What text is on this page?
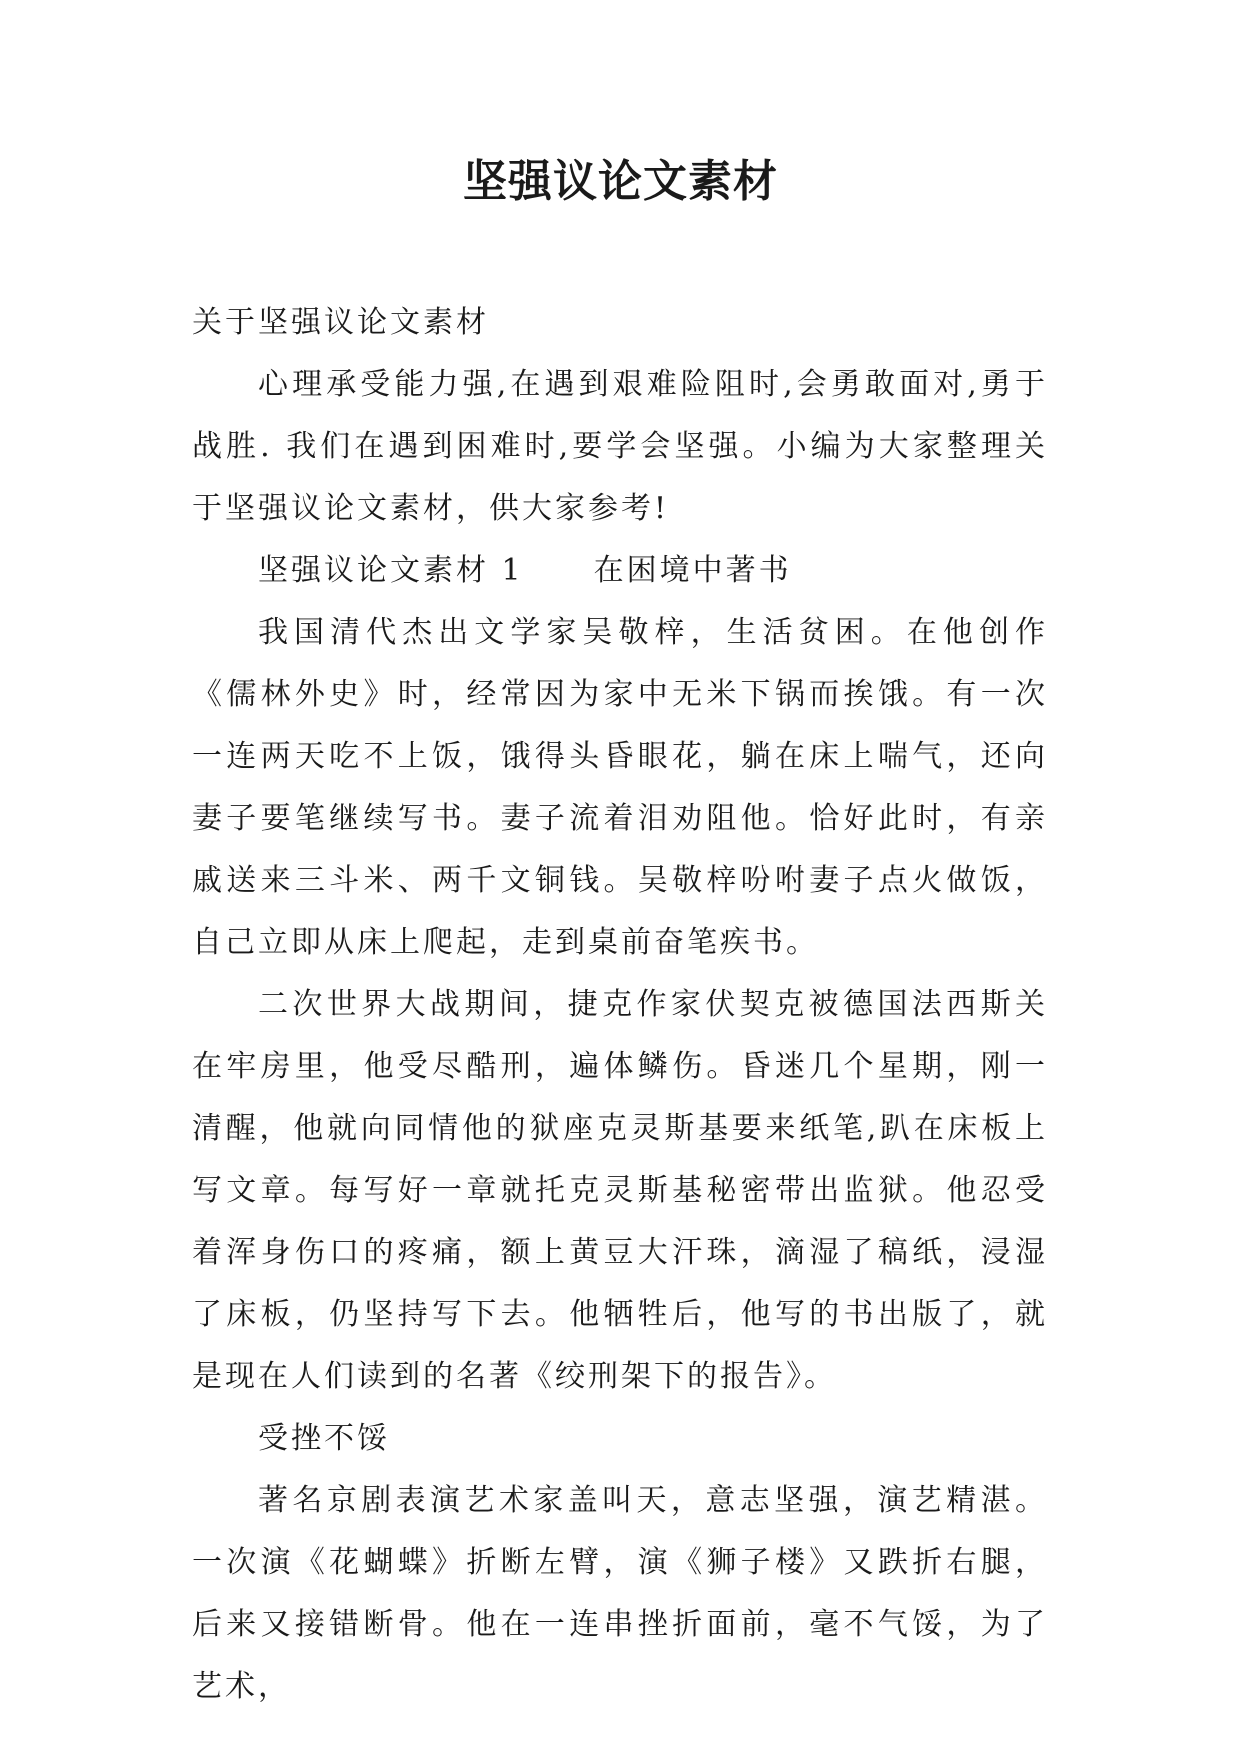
坚强议论文素材

关于坚强议论文素材

心理承受能力强,在遇到艰难险阻时,会勇敢面对,勇于战胜. 我们在遇到困难时,要学会坚强。小编为大家整理关于坚强议论文素材，供大家参考!

坚强议论文素材 1 在困境中著书

我国清代杰出文学家吴敬梓，生活贫困。在他创作《儒林外史》时，经常因为家中无米下锅而挨饿。有一次一连两天吃不上饭，饿得头昏眼花，躺在床上喘气，还向妻子要笔继续写书。妻子流着泪劝阻他。恰好此时，有亲戚送来三斗米、两千文铜钱。吴敬梓吩咐妻子点火做饭，自己立即从床上爬起，走到桌前奋笔疾书。

二次世界大战期间，捷克作家伏契克被德国法西斯关在牢房里，他受尽酷刑，遍体鳞伤。昏迷几个星期，刚一清醒，他就向同情他的狱座克灵斯基要来纸笔,趴在床板上写文章。每写好一章就托克灵斯基秘密带出监狱。他忍受着浑身伤口的疼痛，额上黄豆大汗珠，滴湿了稿纸，浸湿了床板，仍坚持写下去。他牺牲后，他写的书出版了，就是现在人们读到的名著《绞刑架下的报告》。

受挫不馁

著名京剧表演艺术家盖叫天，意志坚强，演艺精湛。一次演《花蝴蝶》折断左臂，演《狮子楼》又跌折右腿，后来又接错断骨。他在一连串挫折面前，毫不气馁，为了艺术，
